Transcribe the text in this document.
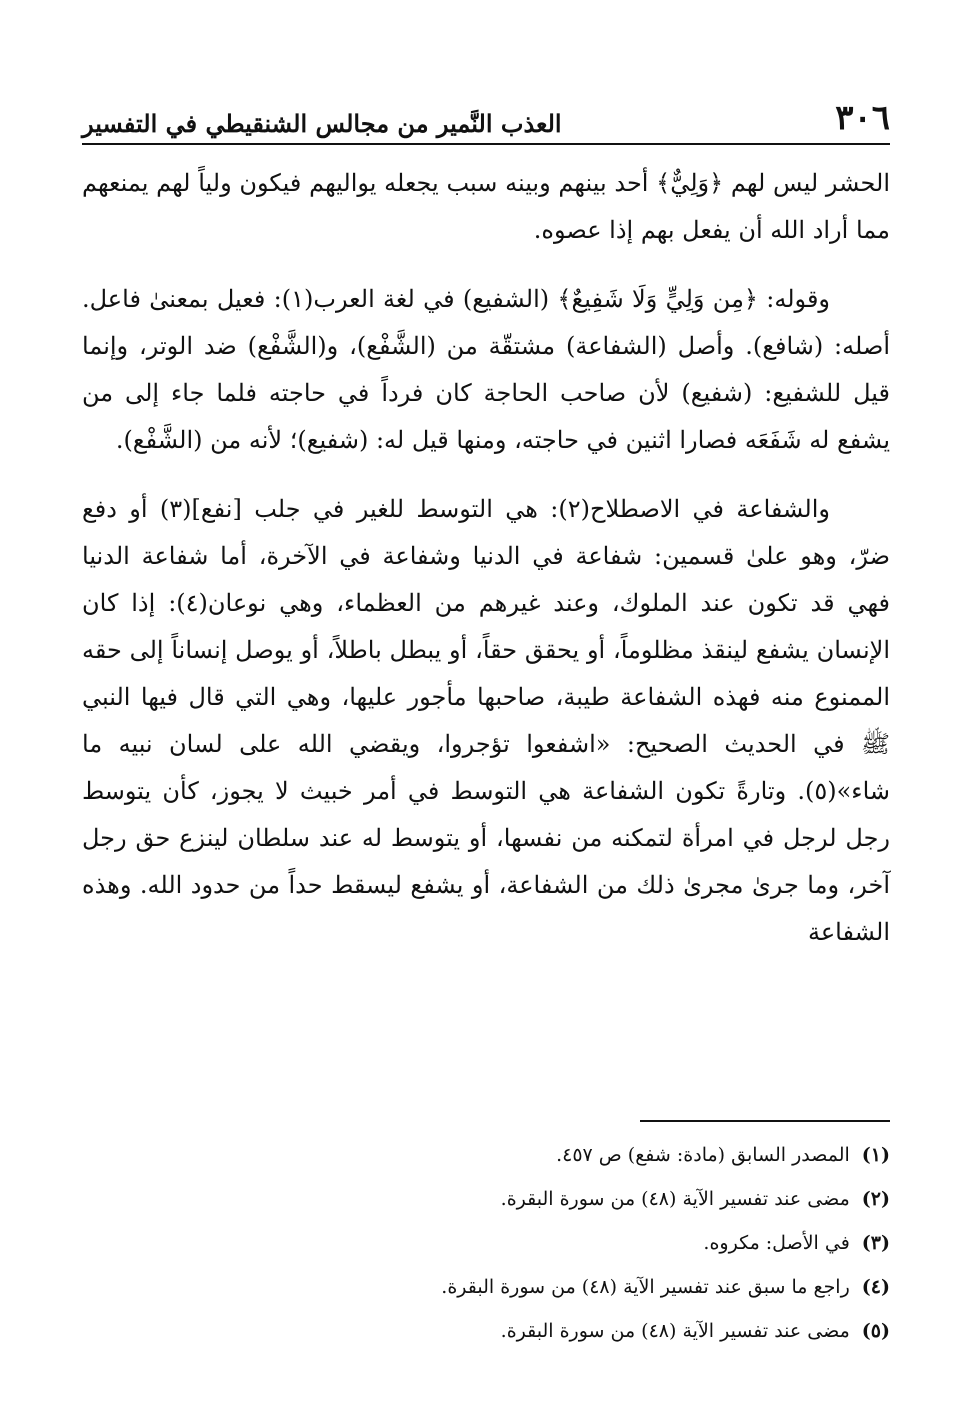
٣٠٦
العذب النَّمير من مجالس الشنقيطي في التفسير
الحشر ليس لهم ﴿وَلِيٌّ﴾ أحد بينهم وبينه سبب يجعله يواليهم فيكون ولياً لهم يمنعهم مما أراد الله أن يفعل بهم إذا عصوه.
وقوله: ﴿مِن وَلِيٍّ وَلَا شَفِيعٌ﴾ (الشفيع) في لغة العرب(١): فعيل بمعنىٰ فاعل. أصله: (شافع). وأصل (الشفاعة) مشتقّة من (الشَّفْع)، و(الشَّفْع) ضد الوتر، وإنما قيل للشفيع: (شفيع) لأن صاحب الحاجة كان فرداً في حاجته فلما جاء إلى من يشفع له شَفَعَه فصارا اثنين في حاجته، ومنها قيل له: (شفيع)؛ لأنه من (الشَّفْع).
والشفاعة في الاصطلاح(٢): هي التوسط للغير في جلب [نفع](٣) أو دفع ضرّ، وهو علىٰ قسمين: شفاعة في الدنيا وشفاعة في الآخرة، أما شفاعة الدنيا فهي قد تكون عند الملوك، وعند غيرهم من العظماء، وهي نوعان(٤): إذا كان الإنسان يشفع لينقذ مظلوماً، أو يحقق حقاً، أو يبطل باطلاً، أو يوصل إنساناً إلى حقه الممنوع منه فهذه الشفاعة طيبة، صاحبها مأجور عليها، وهي التي قال فيها النبي ﷺ في الحديث الصحيح: «اشفعوا تؤجروا، ويقضي الله على لسان نبيه ما شاء»(٥). وتارةً تكون الشفاعة هي التوسط في أمر خبيث لا يجوز، كأن يتوسط رجل لرجل في امرأة لتمكنه من نفسها، أو يتوسط له عند سلطان لينزع حق رجل آخر، وما جرىٰ مجرىٰ ذلك من الشفاعة، أو يشفع ليسقط حداً من حدود الله. وهذه الشفاعة
(١)
المصدر السابق (مادة: شفع) ص ٤٥٧.
(٢)
مضى عند تفسير الآية (٤٨) من سورة البقرة.
(٣)
في الأصل: مكروه.
(٤)
راجع ما سبق عند تفسير الآية (٤٨) من سورة البقرة.
(٥)
مضى عند تفسير الآية (٤٨) من سورة البقرة.
